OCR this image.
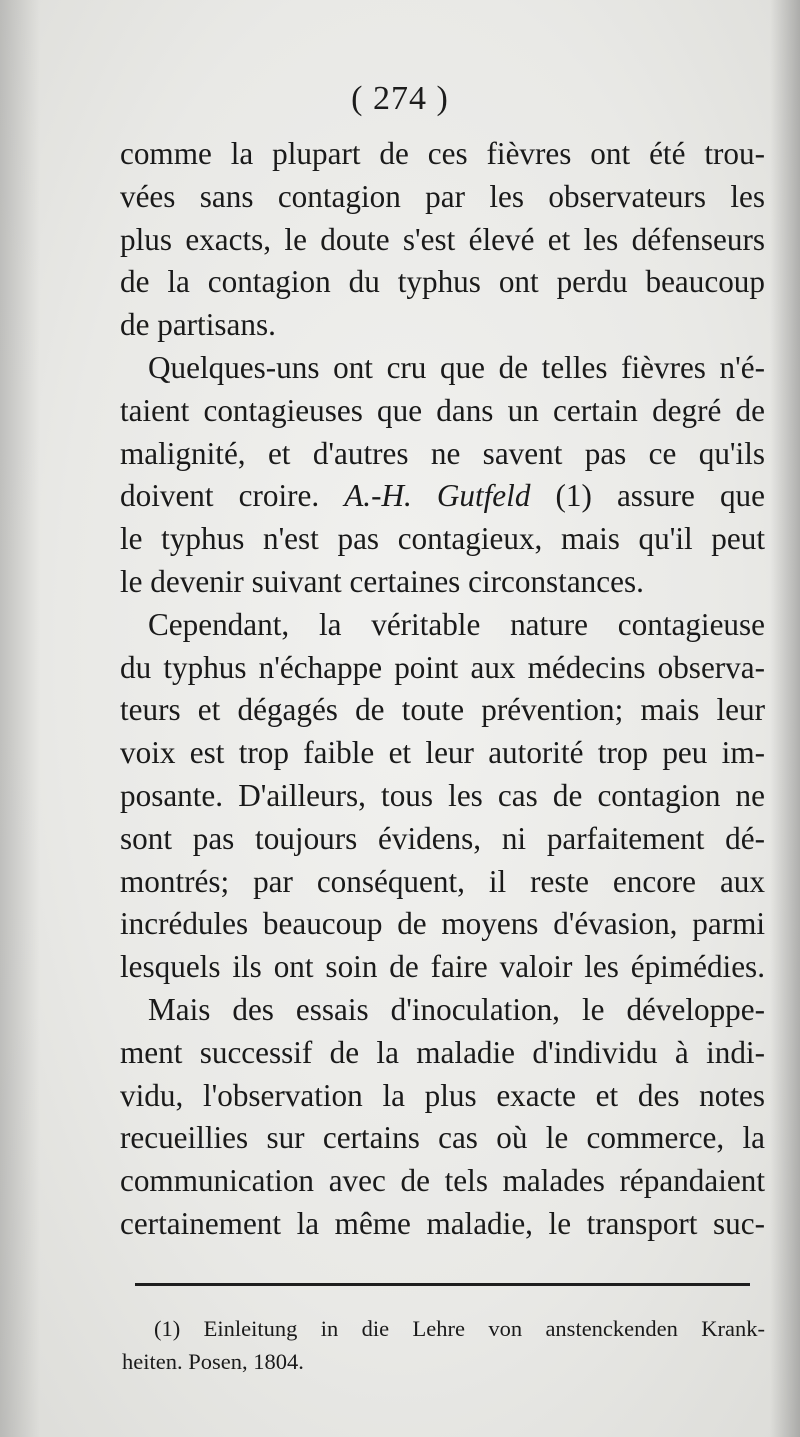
( 274 )
comme la plupart de ces fièvres ont été trou-
vées sans contagion par les observateurs les
plus exacts, le doute s'est élevé et les défenseurs
de la contagion du typhus ont perdu beaucoup
de partisans.
Quelques-uns ont cru que de telles fièvres n'é-
taient contagieuses que dans un certain degré de
malignité, et d'autres ne savent pas ce qu'ils
doivent croire. A.-H. Gutfeld (1) assure que
le typhus n'est pas contagieux, mais qu'il peut
le devenir suivant certaines circonstances.
Cependant, la véritable nature contagieuse
du typhus n'échappe point aux médecins observa-
teurs et dégagés de toute prévention; mais leur
voix est trop faible et leur autorité trop peu im-
posante. D'ailleurs, tous les cas de contagion ne
sont pas toujours évidens, ni parfaitement dé-
montrés; par conséquent, il reste encore aux
incrédules beaucoup de moyens d'évasion, parmi
lesquels ils ont soin de faire valoir les épimédies.
Mais des essais d'inoculation, le développe-
ment successif de la maladie d'individu à indi-
vidu, l'observation la plus exacte et des notes
recueillies sur certains cas où le commerce, la
communication avec de tels malades répandaient
certainement la même maladie, le transport suc-
(1) Einleitung in die Lehre von anstenckenden Krank-
heiten. Posen, 1804.
